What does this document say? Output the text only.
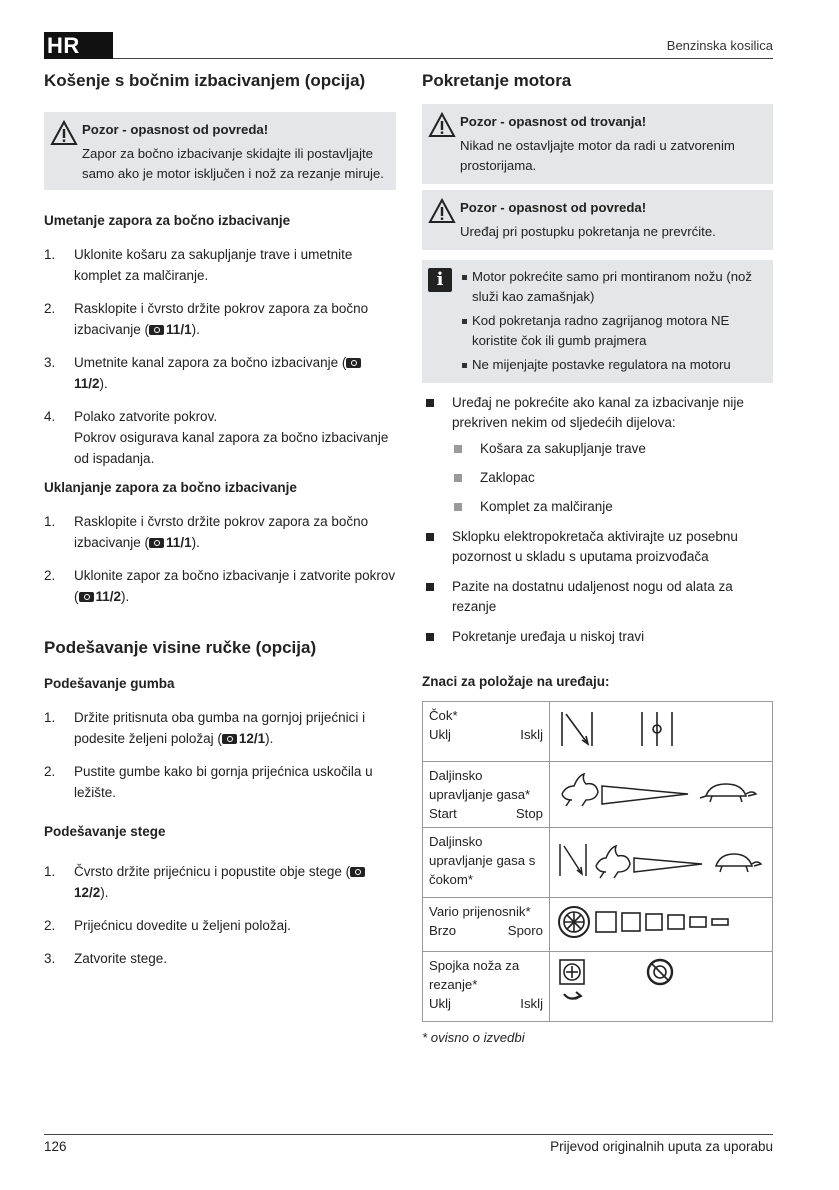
HR	Benzinska kosilica
Košenje s bočnim izbacivanjem (opcija)

Pozor - opasnost od povreda!

Zapor za bočno izbacivanje skidajte ili postavljajte samo ako je motor isključen i nož za rezanje miruje.

Umetanje zapora za bočno izbacivanje
1. Uklonite košaru za sakupljanje trave i umetnite komplet za malčiranje.
2. Rasklopite i čvrsto držite pokrov zapora za bočno izbacivanje ( 11/1).
3. Umetnite kanal zapora za bočno izbacivanje (11/2).
4. Polako zatvorite pokrov.
Pokrov osigurava kanal zapora za bočno izbacivanje od ispadanja.
Uklanjanje zapora za bočno izbacivanje
1. Rasklopite i čvrsto držite pokrov zapora za bočno izbacivanje ( 11/1).
2. Uklonite zapor za bočno izbacivanje i zatvorite pokrov ( 11/2).
Podešavanje visine ručke (opcija)
Podešavanje gumba
1. Držite pritisnuta oba gumba na gornjoj prijećnici i podesite željeni položaj ( 12/1).
2. Pustite gumbe kako bi gornja prijećnica uskočila u ležište.
Podešavanje stege
1. Čvrsto držite prijećnicu i popustite obje stege (12/2).
2. Prijećnicu dovedite u željeni položaj.
3. Zatvorite stege.
Pokretanje motora

Pozor - opasnost od trovanja!

Nikad ne ostavljajte motor da radi u zatvorenim prostorijama.

Pozor - opasnost od povreda!

Uređaj pri postupku pokretanja ne prevrćite.

i	Motor pokrećite samo pri montiranom nožu (nož služi kao zamašnjak)
Kod pokretanja radno zagrijanog motora NE koristite čok ili gumb prajmera
Ne mijenjajte postavke regulatora na motoru
Uređaj ne pokrećite ako kanal za izbacivanje nije prekriven nekim od sljedećih dijelova:
Košara za sakupljanje trave
Zaklopac
Komplet za malčiranje
Sklopku elektropokretača aktivirajte uz posebnu pozornost u skladu s uputama proizvođača
Pazite na dostatnu udaljenost nogu od alata za rezanje
Pokretanje uređaja u niskoj travi
Znaci za položaje na uređaju:
Čok*
Uklj Isklj

Daljinsko upravljanje gasa*
Start Stop

Daljinsko upravljanje gasa s čokom*

Vario prijenosnik*
Brzo Sporo

Spojka noža za rezanje*
Uklj Isklj

* ovisno o izvedbi

126	Prijevod originalnih uputa za uporabu
